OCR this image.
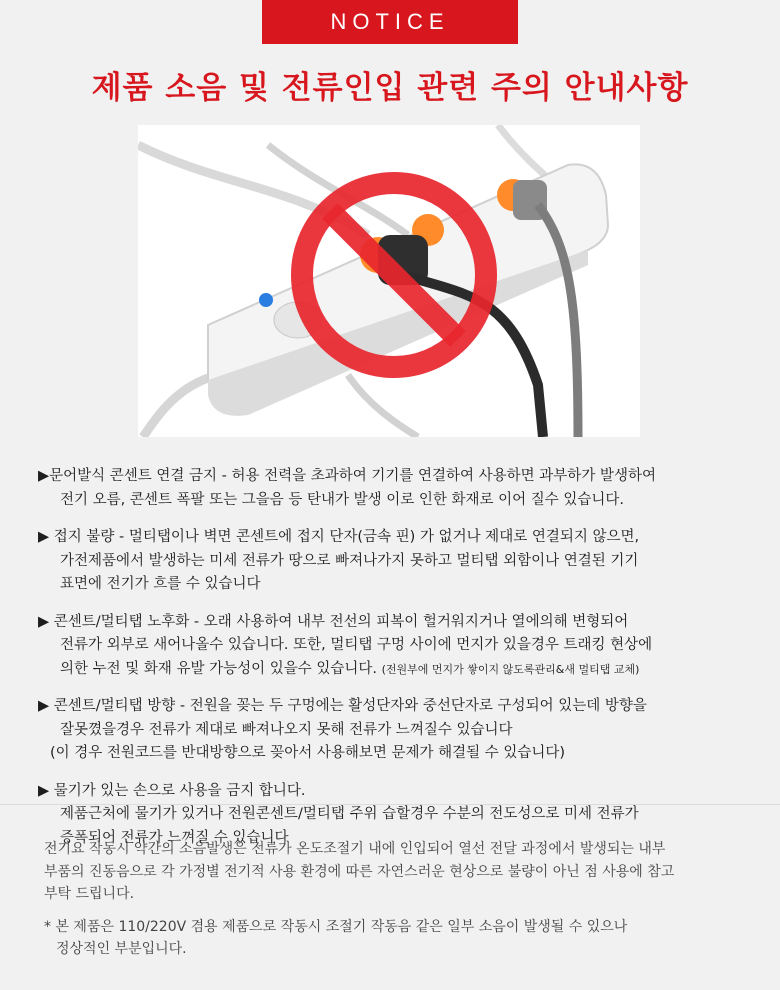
NOTICE
제품 소음 및 전류인입 관련 주의 안내사항
▶문어발식 콘센트 연결 금지 - 허용 전력을 초과하여 기기를 연결하여 사용하면 과부하가 발생하여
전기 오름, 콘센트 폭팔 또는 그을음 등 탄내가 발생 이로 인한 화재로 이어 질수 있습니다.
▶ 접지 불량 - 멀티탭이나 벽면 콘센트에 접지 단자(금속 핀) 가 없거나 제대로 연결되지 않으면,
가전제품에서 발생하는 미세 전류가 땅으로 빠져나가지 못하고 멀티탭 외함이나 연결된 기기
표면에 전기가 흐를 수 있습니다
▶ 콘센트/멀티탭 노후화 - 오래 사용하여 내부 전선의 피복이 헐거워지거나 열에의해 변형되어
전류가 외부로 새어나올수 있습니다. 또한, 멀티탭 구멍 사이에 먼지가 있을경우 트래킹 현상에
의한 누전 및 화재 유발 가능성이 있을수 있습니다. (전원부에 먼지가 쌓이지 않도록관리&새 멀티탭 교체)
▶ 콘센트/멀티탭 방향 - 전원을 꽂는 두 구멍에는 활성단자와 중선단자로 구성되어 있는데 방향을
잘못꼈을경우 전류가 제대로 빠져나오지 못해 전류가 느껴질수 있습니다
(이 경우 전원코드를 반대방향으로 꽂아서 사용해보면 문제가 해결될 수 있습니다)
▶ 물기가 있는 손으로 사용을 금지 합니다.
제품근처에 물기가 있거나 전원콘센트/멀티탭 주위 습할경우 수분의 전도성으로 미세 전류가
증폭되어 전류가 느껴질 수 있습니다
전기요 작동시 약간의 소음발생은 전류가 온도조절기 내에 인입되어 열선 전달 과정에서 발생되는 내부
부품의 진동음으로 각 가정별 전기적 사용 환경에 따른 자연스러운 현상으로 불량이 아닌 점 사용에 참고
부탁 드립니다.
* 본 제품은 110/220V 겸용 제품으로 작동시 조절기 작동음 같은 일부 소음이 발생될 수 있으나
정상적인 부분입니다.
